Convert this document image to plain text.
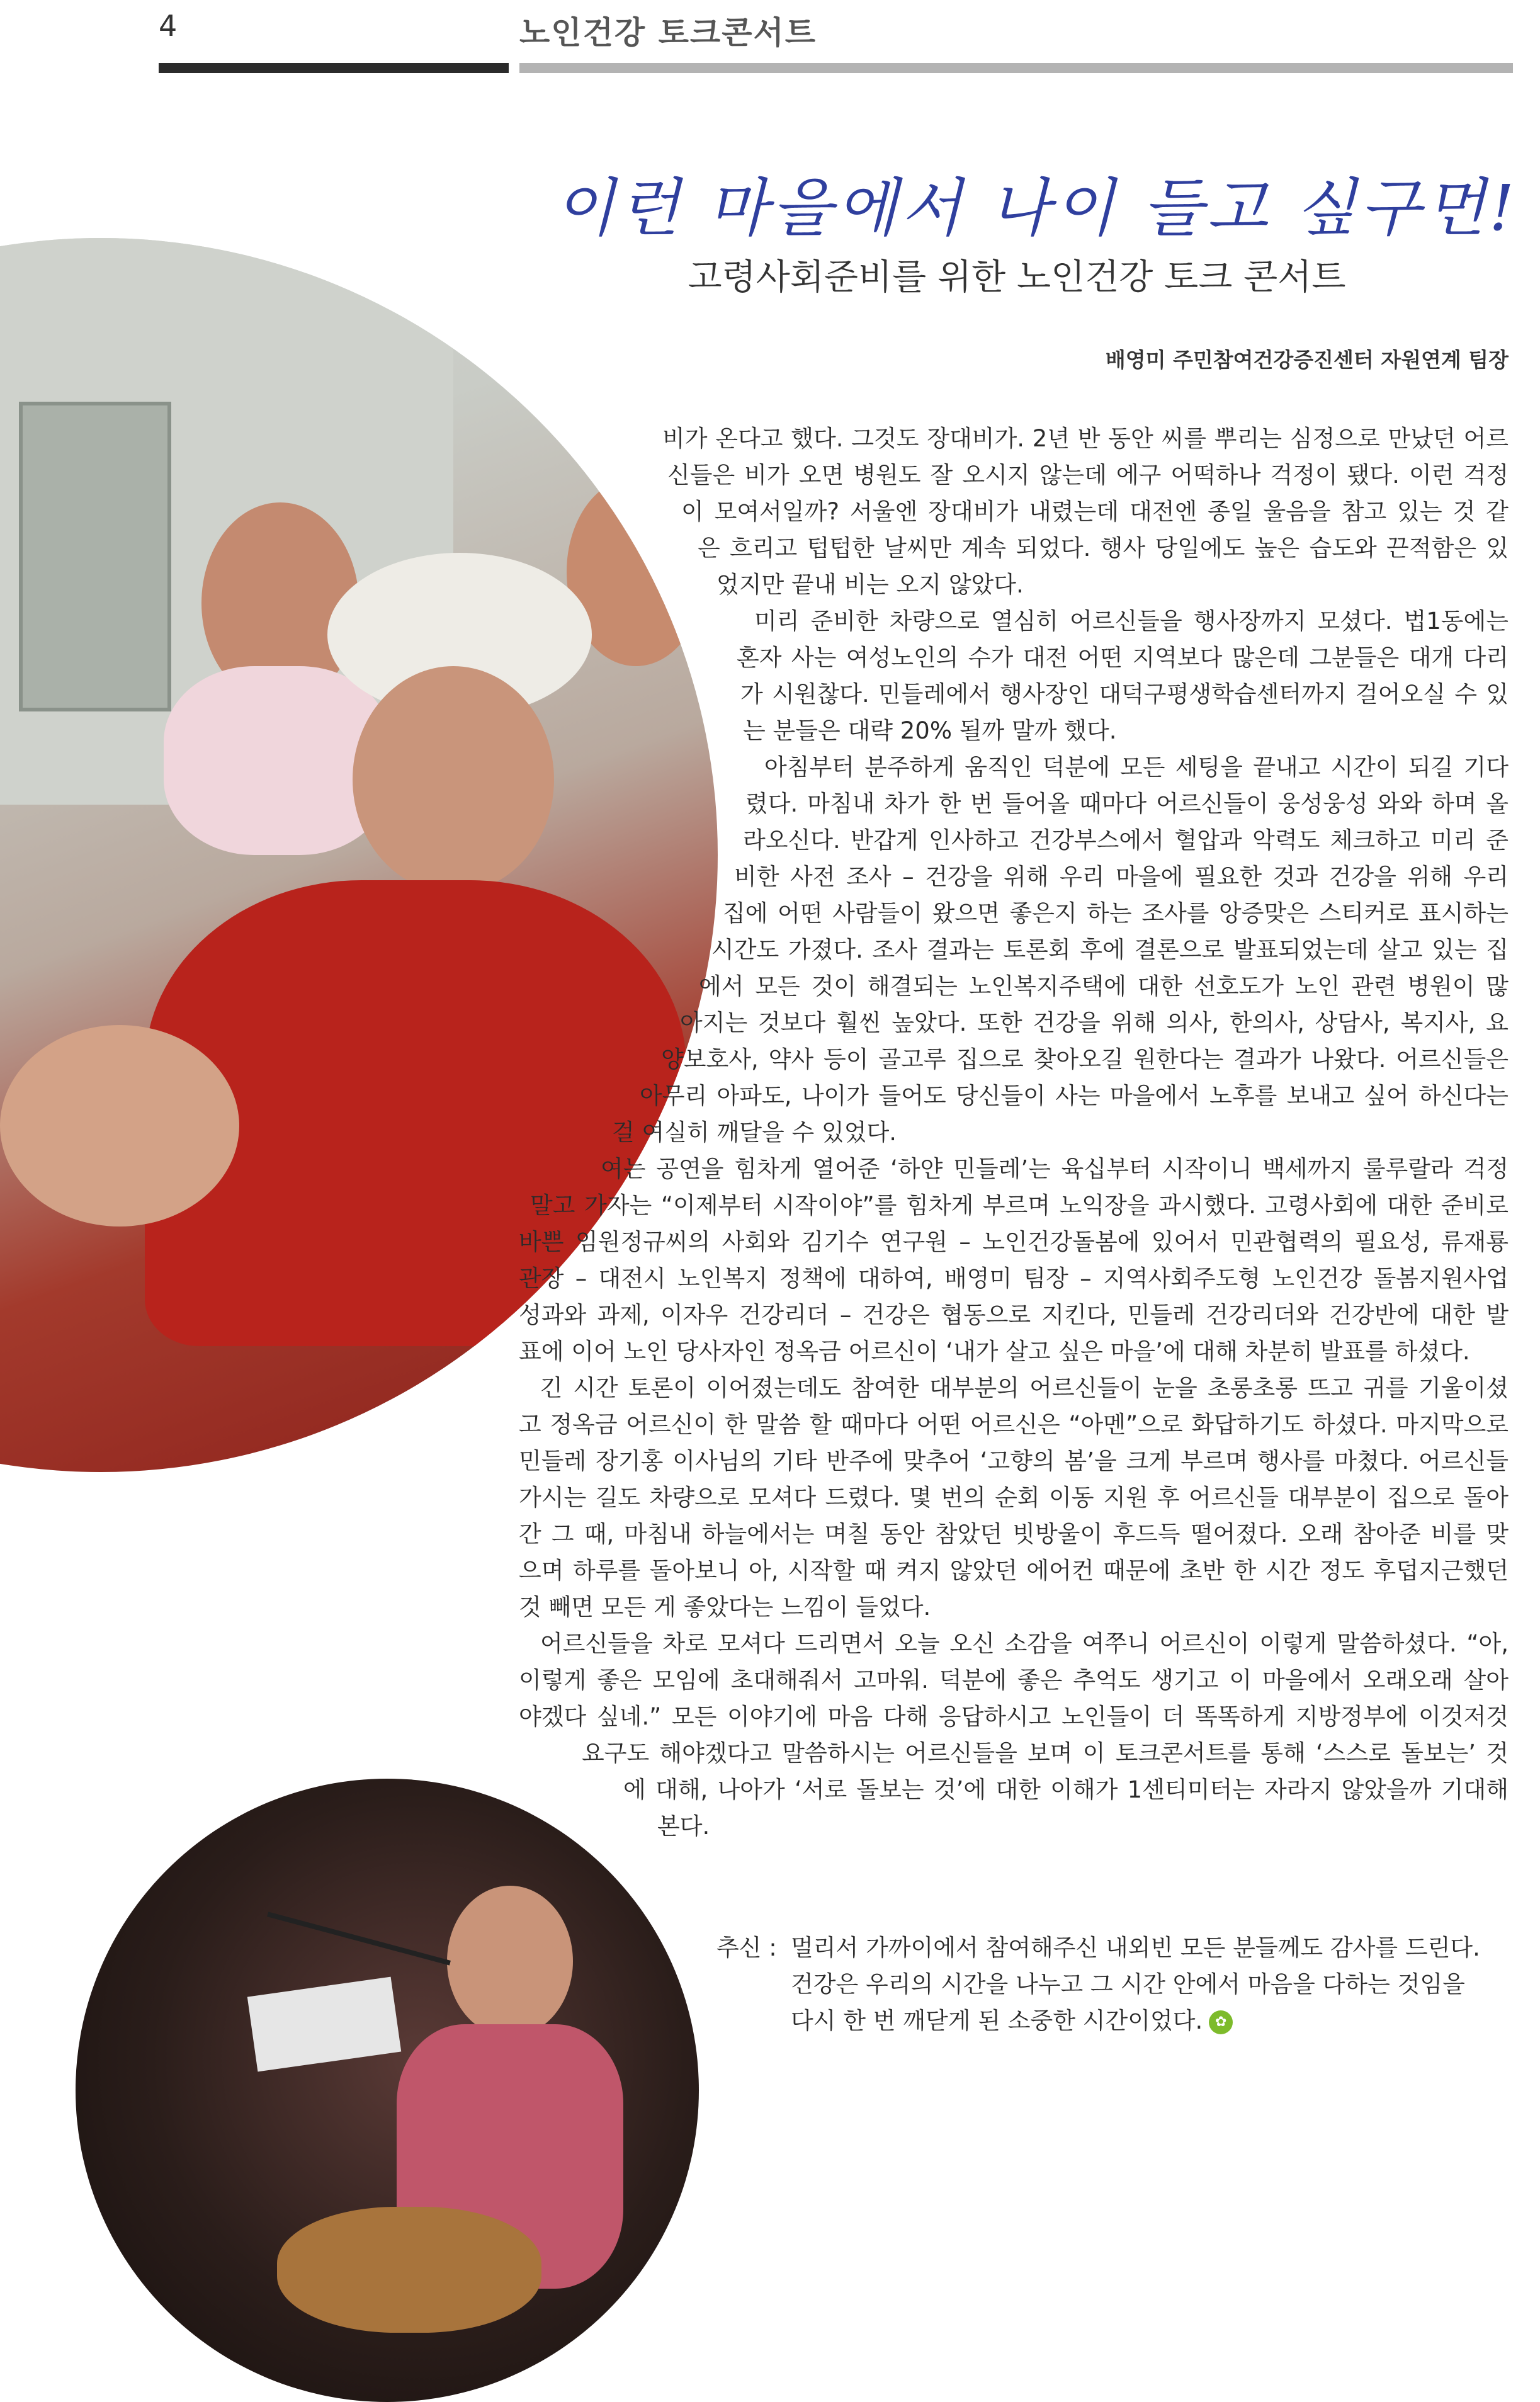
4	노인건강 토크콘서트
이런 마을에서 나이 들고 싶구먼!
고령사회준비를 위한 노인건강 토크 콘서트
배영미 주민참여건강증진센터 자원연계 팀장
비가 온다고 했다. 그것도 장대비가. 2년 반 동안 씨를 뿌리는 심정으로 만났던 어르
신들은 비가 오면 병원도 잘 오시지 않는데 에구 어떡하나 걱정이 됐다. 이런 걱정
이 모여서일까? 서울엔 장대비가 내렸는데 대전엔 종일 울음을 참고 있는 것 같
은 흐리고 텁텁한 날씨만 계속 되었다. 행사 당일에도 높은 습도와 끈적함은 있
었지만 끝내 비는 오지 않았다.
미리 준비한 차량으로 열심히 어르신들을 행사장까지 모셨다. 법1동에는
혼자 사는 여성노인의 수가 대전 어떤 지역보다 많은데 그분들은 대개 다리
가 시원찮다. 민들레에서 행사장인 대덕구평생학습센터까지 걸어오실 수 있
는 분들은 대략 20% 될까 말까 했다.
아침부터 분주하게 움직인 덕분에 모든 세팅을 끝내고 시간이 되길 기다
렸다. 마침내 차가 한 번 들어올 때마다 어르신들이 웅성웅성 와와 하며 올
라오신다. 반갑게 인사하고 건강부스에서 혈압과 악력도 체크하고 미리 준
비한 사전 조사 – 건강을 위해 우리 마을에 필요한 것과 건강을 위해 우리
집에 어떤 사람들이 왔으면 좋은지 하는 조사를 앙증맞은 스티커로 표시하는
시간도 가졌다. 조사 결과는 토론회 후에 결론으로 발표되었는데 살고 있는 집
에서 모든 것이 해결되는 노인복지주택에 대한 선호도가 노인 관련 병원이 많
아지는 것보다 훨씬 높았다. 또한 건강을 위해 의사, 한의사, 상담사, 복지사, 요
양보호사, 약사 등이 골고루 집으로 찾아오길 원한다는 결과가 나왔다. 어르신들은
아무리 아파도, 나이가 들어도 당신들이 사는 마을에서 노후를 보내고 싶어 하신다는
걸 여실히 깨달을 수 있었다.
여는 공연을 힘차게 열어준 ‘하얀 민들레’는 육십부터 시작이니 백세까지 룰루랄라 걱정
말고 가자는 “이제부터 시작이야”를 힘차게 부르며 노익장을 과시했다. 고령사회에 대한 준비로
바쁜 임원정규씨의 사회와 김기수 연구원 – 노인건강돌봄에 있어서 민관협력의 필요성, 류재룡
관장 – 대전시 노인복지 정책에 대하여, 배영미 팀장 – 지역사회주도형 노인건강 돌봄지원사업
성과와 과제, 이자우 건강리더 – 건강은 협동으로 지킨다, 민들레 건강리더와 건강반에 대한 발
표에 이어 노인 당사자인 정옥금 어르신이 ‘내가 살고 싶은 마을’에 대해 차분히 발표를 하셨다.
긴 시간 토론이 이어졌는데도 참여한 대부분의 어르신들이 눈을 초롱초롱 뜨고 귀를 기울이셨
고 정옥금 어르신이 한 말씀 할 때마다 어떤 어르신은 “아멘”으로 화답하기도 하셨다. 마지막으로
민들레 장기홍 이사님의 기타 반주에 맞추어 ‘고향의 봄’을 크게 부르며 행사를 마쳤다. 어르신들
가시는 길도 차량으로 모셔다 드렸다. 몇 번의 순회 이동 지원 후 어르신들 대부분이 집으로 돌아
간 그 때, 마침내 하늘에서는 며칠 동안 참았던 빗방울이 후드득 떨어졌다. 오래 참아준 비를 맞
으며 하루를 돌아보니 아, 시작할 때 켜지 않았던 에어컨 때문에 초반 한 시간 정도 후덥지근했던
것 빼면 모든 게 좋았다는 느낌이 들었다.
어르신들을 차로 모셔다 드리면서 오늘 오신 소감을 여쭈니 어르신이 이렇게 말씀하셨다. “아,
이렇게 좋은 모임에 초대해줘서 고마워. 덕분에 좋은 추억도 생기고 이 마을에서 오래오래 살아
야겠다 싶네.” 모든 이야기에 마음 다해 응답하시고 노인들이 더 똑똑하게 지방정부에 이것저것
요구도 해야겠다고 말씀하시는 어르신들을 보며 이 토크콘서트를 통해 ‘스스로 돌보는’ 것
에 대해, 나아가 ‘서로 돌보는 것’에 대한 이해가 1센티미터는 자라지 않았을까 기대해
본다.
추신 : 멀리서 가까이에서 참여해주신 내외빈 모든 분들께도 감사를 드린다.
건강은 우리의 시간을 나누고 그 시간 안에서 마음을 다하는 것임을
다시 한 번 깨닫게 된 소중한 시간이었다. ✿
